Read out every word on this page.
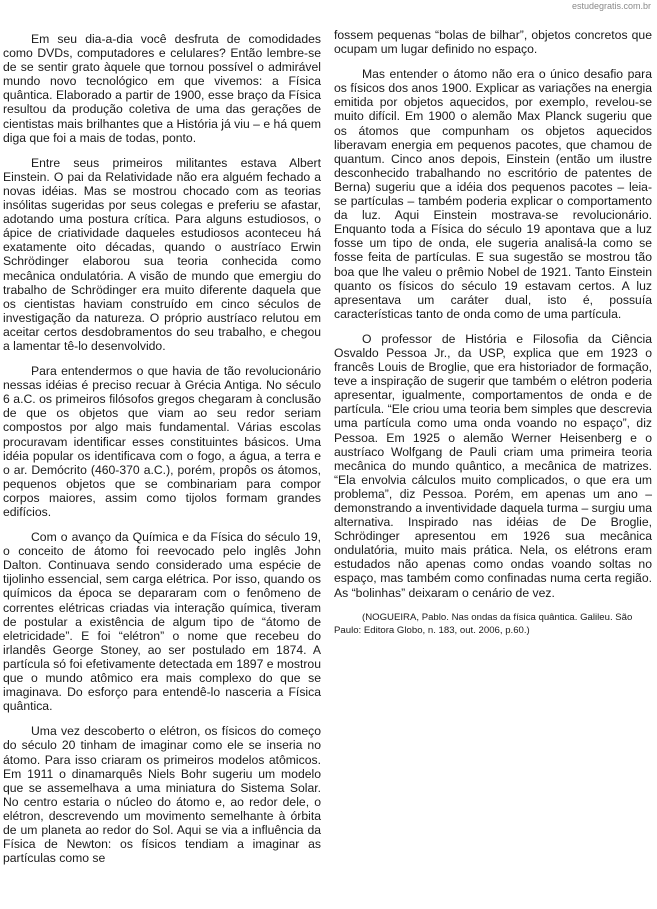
estudegratis.com.br

Em seu dia-a-dia você desfruta de comodidades como DVDs, computadores e celulares? Então lembre-se de se sentir grato àquele que tornou possível o admirável mundo novo tecnológico em que vivemos: a Física quântica. Elaborado a partir de 1900, esse braço da Física resultou da produção coletiva de uma das gerações de cientistas mais brilhantes que a História já viu – e há quem diga que foi a mais de todas, ponto.

Entre seus primeiros militantes estava Albert Einstein. O pai da Relatividade não era alguém fechado a novas idéias. Mas se mostrou chocado com as teorias insólitas sugeridas por seus colegas e preferiu se afastar, adotando uma postura crítica. Para alguns estudiosos, o ápice de criatividade daqueles estudiosos aconteceu há exatamente oito décadas, quando o austríaco Erwin Schrödinger elaborou sua teoria conhecida como mecânica ondulatória. A visão de mundo que emergiu do trabalho de Schrödinger era muito diferente daquela que os cientistas haviam construído em cinco séculos de investigação da natureza. O próprio austríaco relutou em aceitar certos desdobramentos do seu trabalho, e chegou a lamentar tê-lo desenvolvido.

Para entendermos o que havia de tão revolucionário nessas idéias é preciso recuar à Grécia Antiga. No século 6 a.C. os primeiros filósofos gregos chegaram à conclusão de que os objetos que viam ao seu redor seriam compostos por algo mais fundamental. Várias escolas procuravam identificar esses constituintes básicos. Uma idéia popular os identificava com o fogo, a água, a terra e o ar. Demócrito (460-370 a.C.), porém, propôs os átomos, pequenos objetos que se combinariam para compor corpos maiores, assim como tijolos formam grandes edifícios.

Com o avanço da Química e da Física do século 19, o conceito de átomo foi reevocado pelo inglês John Dalton. Continuava sendo considerado uma espécie de tijolinho essencial, sem carga elétrica. Por isso, quando os químicos da época se depararam com o fenômeno de correntes elétricas criadas via interação química, tiveram de postular a existência de algum tipo de “átomo de eletricidade”. E foi “elétron” o nome que recebeu do irlandês George Stoney, ao ser postulado em 1874. A partícula só foi efetivamente detectada em 1897 e mostrou que o mundo atômico era mais complexo do que se imaginava. Do esforço para entendê-lo nasceria a Física quântica.

Uma vez descoberto o elétron, os físicos do começo do século 20 tinham de imaginar como ele se inseria no átomo. Para isso criaram os primeiros modelos atômicos. Em 1911 o dinamarquês Niels Bohr sugeriu um modelo que se assemelhava a uma miniatura do Sistema Solar. No centro estaria o núcleo do átomo e, ao redor dele, o elétron, descrevendo um movimento semelhante à órbita de um planeta ao redor do Sol. Aqui se via a influência da Física de Newton: os físicos tendiam a imaginar as partículas como se

fossem pequenas “bolas de bilhar”, objetos concretos que ocupam um lugar definido no espaço.

Mas entender o átomo não era o único desafio para os físicos dos anos 1900. Explicar as variações na energia emitida por objetos aquecidos, por exemplo, revelou-se muito difícil. Em 1900 o alemão Max Planck sugeriu que os átomos que compunham os objetos aquecidos liberavam energia em pequenos pacotes, que chamou de quantum. Cinco anos depois, Einstein (então um ilustre desconhecido trabalhando no escritório de patentes de Berna) sugeriu que a idéia dos pequenos pacotes – leia-se partículas – também poderia explicar o comportamento da luz. Aqui Einstein mostrava-se revolucionário. Enquanto toda a Física do século 19 apontava que a luz fosse um tipo de onda, ele sugeria analisá-la como se fosse feita de partículas. E sua sugestão se mostrou tão boa que lhe valeu o prêmio Nobel de 1921. Tanto Einstein quanto os físicos do século 19 estavam certos. A luz apresentava um caráter dual, isto é, possuía características tanto de onda como de uma partícula.

O professor de História e Filosofia da Ciência Osvaldo Pessoa Jr., da USP, explica que em 1923 o francês Louis de Broglie, que era historiador de formação, teve a inspiração de sugerir que também o elétron poderia apresentar, igualmente, comportamentos de onda e de partícula. “Ele criou uma teoria bem simples que descrevia uma partícula como uma onda voando no espaço”, diz Pessoa. Em 1925 o alemão Werner Heisenberg e o austríaco Wolfgang de Pauli criam uma primeira teoria mecânica do mundo quântico, a mecânica de matrizes. “Ela envolvia cálculos muito complicados, o que era um problema”, diz Pessoa. Porém, em apenas um ano – demonstrando a inventividade daquela turma – surgiu uma alternativa. Inspirado nas idéias de De Broglie, Schrödinger apresentou em 1926 sua mecânica ondulatória, muito mais prática. Nela, os elétrons eram estudados não apenas como ondas voando soltas no espaço, mas também como confinadas numa certa região. As “bolinhas” deixaram o cenário de vez.

(NOGUEIRA, Pablo. Nas ondas da física quântica. Galileu. São Paulo: Editora Globo, n. 183, out. 2006, p.60.)
